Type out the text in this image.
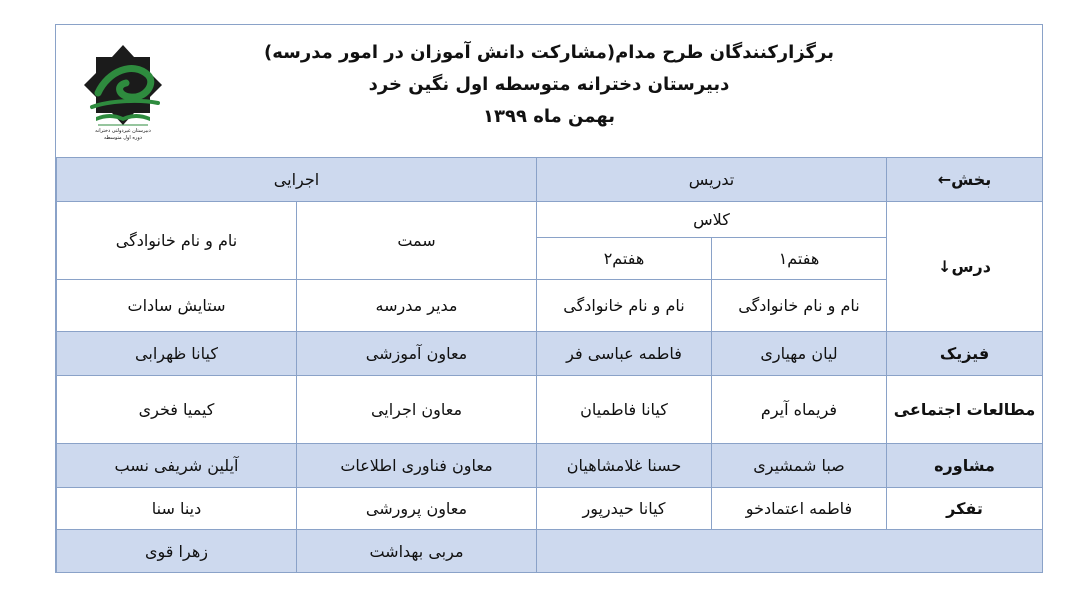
برگزارکنندگان طرح مدام(مشارکت دانش آموزان در امور مدرسه)
دبیرستان دخترانه متوسطه اول نگین خرد
بهمن ماه ۱۳۹۹
دبیرستان غیردولتی دخترانه
دوره اول متوسطه
بخش←	تدریس		اجرایی	
درس↓	کلاس		سمت	نام و نام خانوادگی
	هفتم۱	هفتم۲		
	نام و نام خانوادگی	نام و نام خانوادگی	مدیر مدرسه	ستایش سادات
فیزیک	لیان مهیاری	فاطمه عباسی فر	معاون آموزشی	کیانا ظهرابی
مطالعات اجتماعی	فریماه آیرم	کیانا فاطمیان	معاون اجرایی	کیمیا فخری
مشاوره	صبا شمشیری	حسنا غلامشاهیان	معاون فناوری اطلاعات	آیلین شریفی نسب
تفکر	فاطمه اعتمادخو	کیانا حیدرپور	معاون پرورشی	دینا سنا
			مربی بهداشت	زهرا قوی
